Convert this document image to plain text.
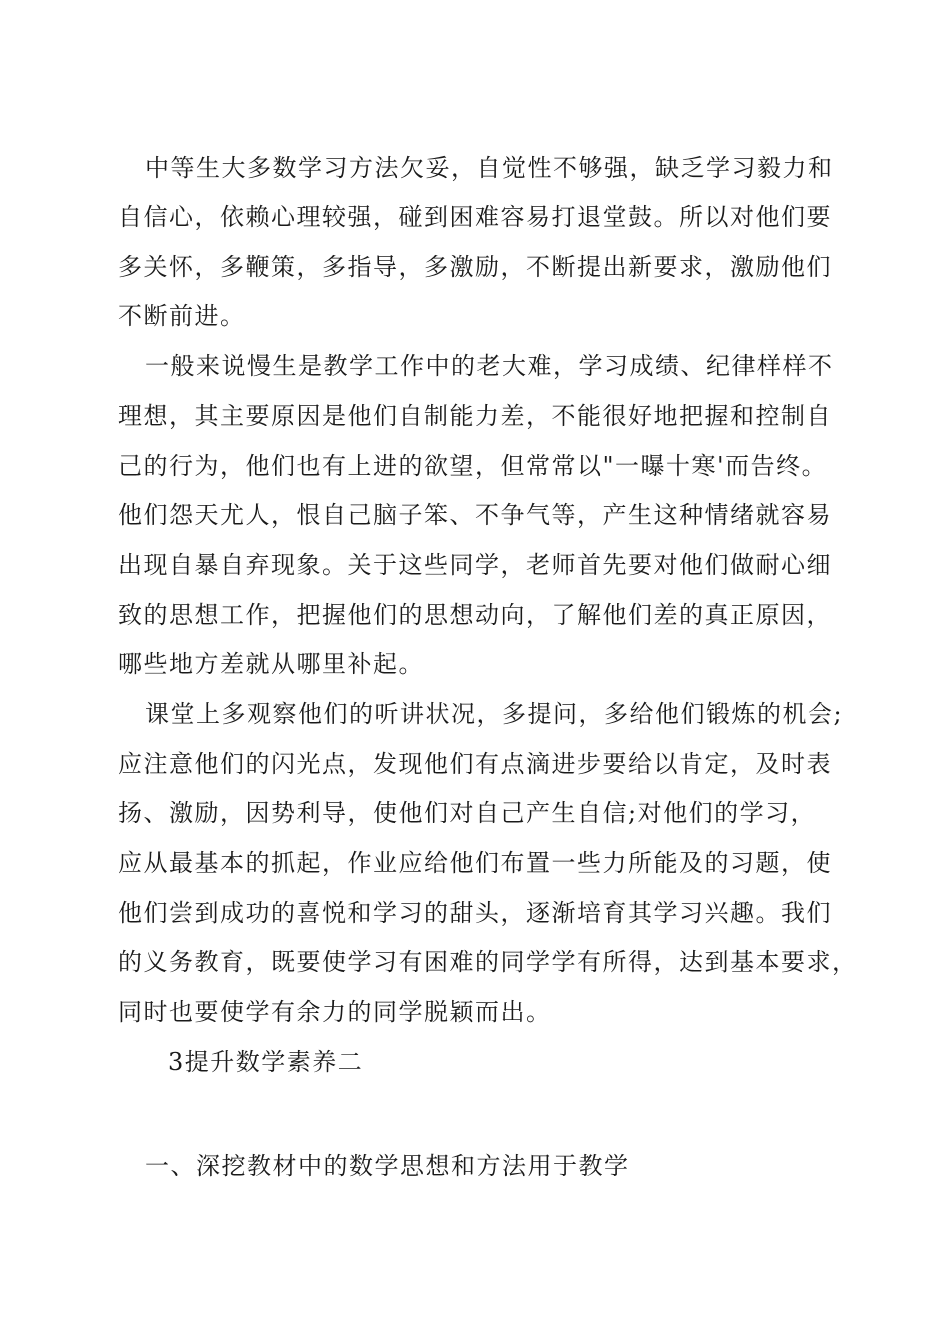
中等生大多数学习方法欠妥，自觉性不够强，缺乏学习毅力和
自信心，依赖心理较强，碰到困难容易打退堂鼓。所以对他们要
多关怀，多鞭策，多指导，多激励，不断提出新要求，激励他们
不断前进。
一般来说慢生是教学工作中的老大难，学习成绩、纪律样样不
理想，其主要原因是他们自制能力差，不能很好地把握和控制自
己的行为，他们也有上进的欲望，但常常以"一曝十寒'而告终。
他们怨天尤人，恨自己脑子笨、不争气等，产生这种情绪就容易
出现自暴自弃现象。关于这些同学，老师首先要对他们做耐心细
致的思想工作，把握他们的思想动向，了解他们差的真正原因，
哪些地方差就从哪里补起。
课堂上多观察他们的听讲状况，多提问，多给他们锻炼的机会;
应注意他们的闪光点，发现他们有点滴进步要给以肯定，及时表
扬、激励，因势利导，使他们对自己产生自信;对他们的学习，
应从最基本的抓起，作业应给他们布置一些力所能及的习题，使
他们尝到成功的喜悦和学习的甜头，逐渐培育其学习兴趣。我们
的义务教育，既要使学习有困难的同学学有所得，达到基本要求，
同时也要使学有余力的同学脱颖而出。
3提升数学素养二
一、深挖教材中的数学思想和方法用于教学
